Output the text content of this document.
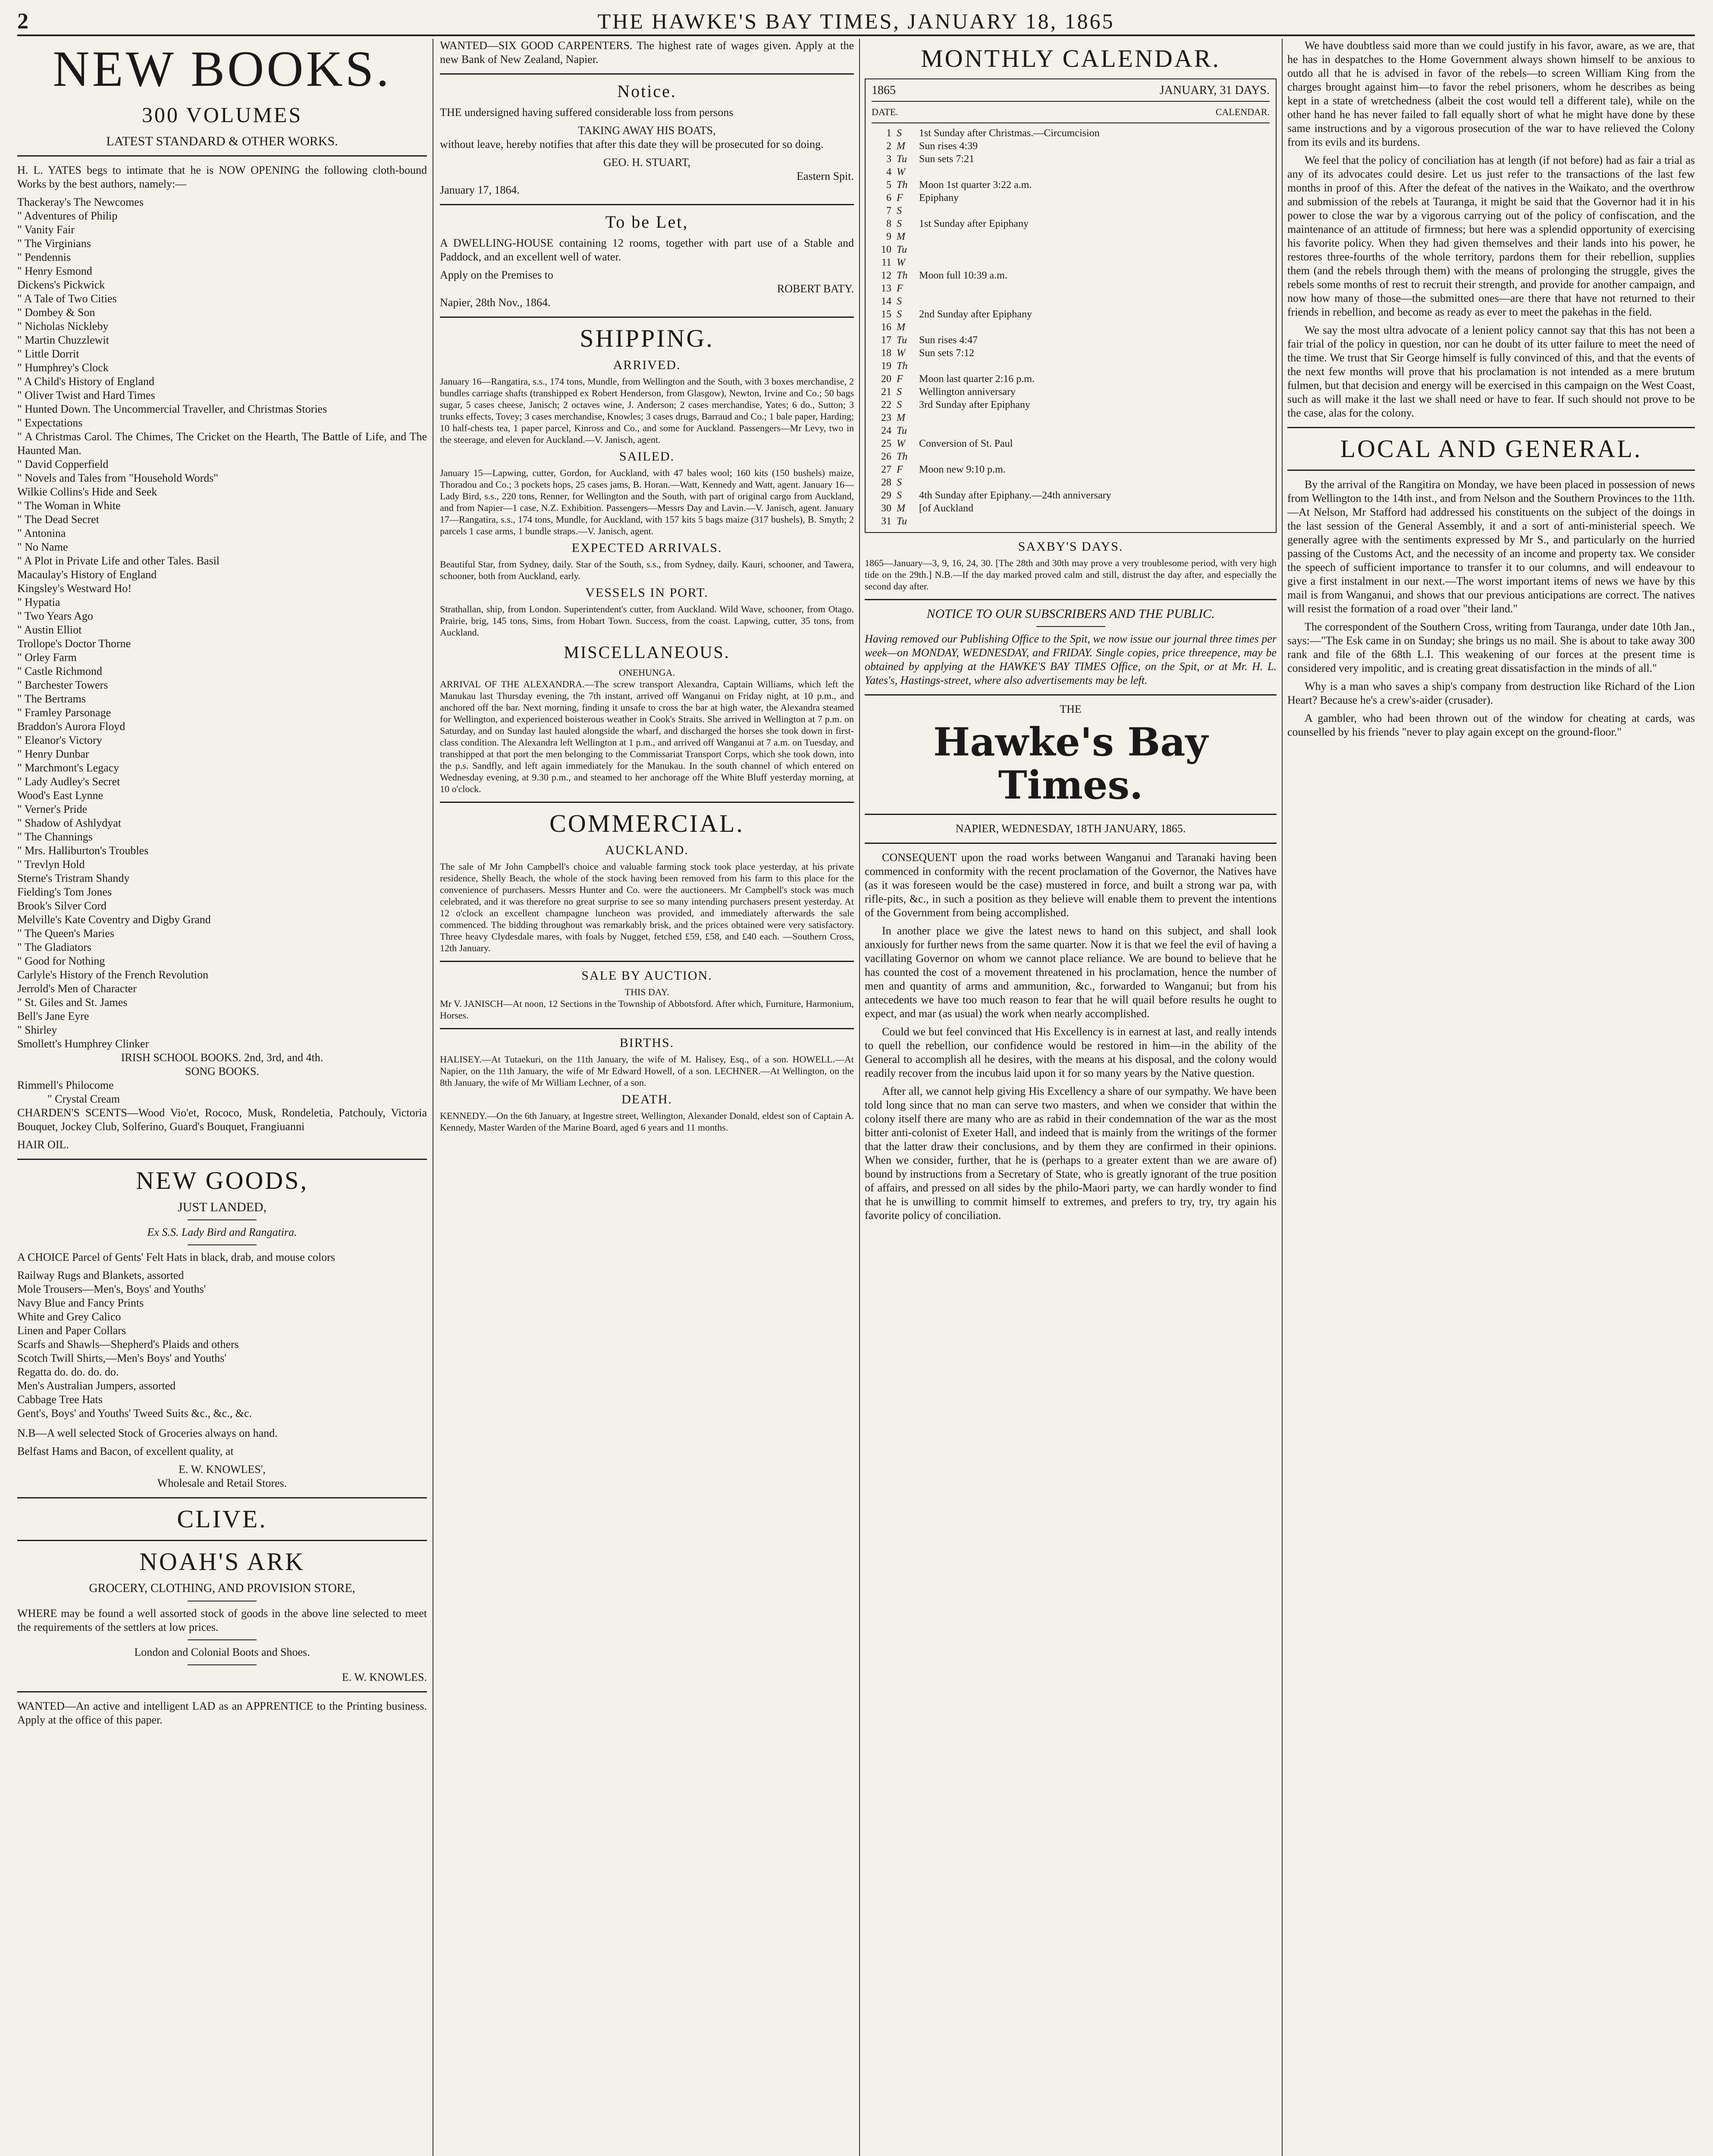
2	THE HAWKE'S BAY TIMES, JANUARY 18, 1865
NEW BOOKS.
300 VOLUMES
LATEST STANDARD & OTHER WORKS.

H. L. YATES begs to intimate that he is NOW OPENING the following cloth-bound Works by the best authors, namely:—

Thackeray's The Newcomes
" Adventures of Philip
" Vanity Fair
" The Virginians
" Pendennis
" Henry Esmond
Dickens's Pickwick
" A Tale of Two Cities
" Dombey & Son
" Nicholas Nickleby
" Martin Chuzzlewit
" Little Dorrit
" Humphrey's Clock
" A Child's History of England
" Oliver Twist and Hard Times
" Hunted Down. The Uncommercial Traveller, and Christmas Stories
" Expectations
" A Christmas Carol. The Chimes, The Cricket on the Hearth, The Battle of Life, and The Haunted Man.
" David Copperfield
" Novels and Tales from "Household Words"
Wilkie Collins's Hide and Seek
" The Woman in White
" The Dead Secret
" Antonina
" No Name
" A Plot in Private Life and other Tales. Basil
Macaulay's History of England
Kingsley's Westward Ho!
" Hypatia
" Two Years Ago
" Austin Elliot
Trollope's Doctor Thorne
" Orley Farm
" Castle Richmond
" Barchester Towers
" The Bertrams
" Framley Parsonage
Braddon's Aurora Floyd
" Eleanor's Victory
" Henry Dunbar
" Marchmont's Legacy
" Lady Audley's Secret
Wood's East Lynne
" Verner's Pride
" Shadow of Ashlydyat
" The Channings
" Mrs. Halliburton's Troubles
" Trevlyn Hold
Sterne's Tristram Shandy
Fielding's Tom Jones
Brook's Silver Cord
Melville's Kate Coventry and Digby Grand
" The Queen's Maries
" The Gladiators
" Good for Nothing
Carlyle's History of the French Revolution
Jerrold's Men of Character
" St. Giles and St. James
Bell's Jane Eyre
" Shirley
Smollett's Humphrey Clinker
IRISH SCHOOL BOOKS. 2nd, 3rd, and 4th.
SONG BOOKS.
Rimmell's Philocome
" Crystal Cream

CHARDEN'S SCENTS—Wood Vio'et, Rococo, Musk, Rondeletia, Patchouly, Victoria Bouquet, Jockey Club, Solferino, Guard's Bouquet, Frangiuanni

HAIR OIL.
NEW GOODS,
JUST LANDED,
Ex S.S. Lady Bird and Rangatira.

A CHOICE Parcel of Gents' Felt Hats in black, drab, and mouse colors

Railway Rugs and Blankets, assorted
Mole Trousers—Men's, Boys' and Youths'
Navy Blue and Fancy Prints
White and Grey Calico
Linen and Paper Collars
Scarfs and Shawls—Shepherd's Plaids and others
Scotch Twill Shirts,—Men's Boys' and Youths'
Regatta do. do. do. do.
Men's Australian Jumpers, assorted
Cabbage Tree Hats
Gent's, Boys' and Youths' Tweed Suits &c., &c., &c.

N.B—A well selected Stock of Groceries always on hand.

Belfast Hams and Bacon, of excellent quality, at

E. W. KNOWLES',
Wholesale and Retail Stores.
CLIVE.
NOAH'S ARK
GROCERY, CLOTHING, AND PROVISION STORE,

WHERE may be found a well assorted stock of goods in the above line selected to meet the requirements of the settlers at low prices.

London and Colonial Boots and Shoes.
E. W. KNOWLES.

WANTED—An active and intelligent LAD as an APPRENTICE to the Printing business. Apply at the office of this paper.

WANTED—SIX GOOD CARPENTERS. The highest rate of wages given. Apply at the new Bank of New Zealand, Napier.

Notice.

THE undersigned having suffered considerable loss from persons

TAKING AWAY HIS BOATS,

without leave, hereby notifies that after this date they will be prosecuted for so doing.

GEO. H. STUART,
Eastern Spit.
January 17, 1864.
To be Let,

A DWELLING-HOUSE containing 12 rooms, together with part use of a Stable and Paddock, and an excellent well of water.

Apply on the Premises to
ROBERT BATY.
Napier, 28th Nov., 1864.
SHIPPING.
ARRIVED.

January 16—Rangatira, s.s., 174 tons, Mundle, from Wellington and the South, with 3 boxes merchandise, 2 bundles carriage shafts (transhipped ex Robert Henderson, from Glasgow), Newton, Irvine and Co.; 50 bags sugar, 5 cases cheese, Janisch; 2 octaves wine, J. Anderson; 2 cases merchandise, Yates; 6 do., Sutton; 3 trunks effects, Tovey; 3 cases merchandise, Knowles; 3 cases drugs, Barraud and Co.; 1 bale paper, Harding; 10 half-chests tea, 1 paper parcel, Kinross and Co., and some for Auckland. Passengers—Mr Levy, two in the steerage, and eleven for Auckland.—V. Janisch, agent.

SAILED.

January 15—Lapwing, cutter, Gordon, for Auckland, with 47 bales wool; 160 kits (150 bushels) maize, Thoradou and Co.; 3 pockets hops, 25 cases jams, B. Horan.—Watt, Kennedy and Watt, agent. January 16—Lady Bird, s.s., 220 tons, Renner, for Wellington and the South, with part of original cargo from Auckland, and from Napier—1 case, N.Z. Exhibition. Passengers—Messrs Day and Lavin.—V. Janisch, agent. January 17—Rangatira, s.s., 174 tons, Mundle, for Auckland, with 157 kits 5 bags maize (317 bushels), B. Smyth; 2 parcels 1 case arms, 1 bundle straps.—V. Janisch, agent.

EXPECTED ARRIVALS.

Beautiful Star, from Sydney, daily. Star of the South, s.s., from Sydney, daily. Kauri, schooner, and Tawera, schooner, both from Auckland, early.

VESSELS IN PORT.

Strathallan, ship, from London. Superintendent's cutter, from Auckland. Wild Wave, schooner, from Otago. Prairie, brig, 145 tons, Sims, from Hobart Town. Success, from the coast. Lapwing, cutter, 35 tons, from Auckland.

MISCELLANEOUS.
ONEHUNGA.

ARRIVAL OF THE ALEXANDRA.—The screw transport Alexandra, Captain Williams, which left the Manukau last Thursday evening, the 7th instant, arrived off Wanganui on Friday night, at 10 p.m., and anchored off the bar. Next morning, finding it unsafe to cross the bar at high water, the Alexandra steamed for Wellington, and experienced boisterous weather in Cook's Straits. She arrived in Wellington at 7 p.m. on Saturday, and on Sunday last hauled alongside the wharf, and discharged the horses she took down in first-class condition. The Alexandra left Wellington at 1 p.m., and arrived off Wanganui at 7 a.m. on Tuesday, and transhipped at that port the men belonging to the Commissariat Transport Corps, which she took down, into the p.s. Sandfly, and left again immediately for the Manukau. In the south channel of which entered on Wednesday evening, at 9.30 p.m., and steamed to her anchorage off the White Bluff yesterday morning, at 10 o'clock.

COMMERCIAL.
AUCKLAND.

The sale of Mr John Campbell's choice and valuable farming stock took place yesterday, at his private residence, Shelly Beach, the whole of the stock having been removed from his farm to this place for the convenience of purchasers. Messrs Hunter and Co. were the auctioneers. Mr Campbell's stock was much celebrated, and it was therefore no great surprise to see so many intending purchasers present yesterday. At 12 o'clock an excellent champagne luncheon was provided, and immediately afterwards the sale commenced. The bidding throughout was remarkably brisk, and the prices obtained were very satisfactory. Three heavy Clydesdale mares, with foals by Nugget, fetched £59, £58, and £40 each. —Southern Cross, 12th January.

SALE BY AUCTION.
THIS DAY.

Mr V. JANISCH—At noon, 12 Sections in the Township of Abbotsford. After which, Furniture, Harmonium, Horses.

BIRTHS.

HALISEY.—At Tutaekuri, on the 11th January, the wife of M. Halisey, Esq., of a son. HOWELL.—At Napier, on the 11th January, the wife of Mr Edward Howell, of a son. LECHNER.—At Wellington, on the 8th January, the wife of Mr William Lechner, of a son.

DEATH.

KENNEDY.—On the 6th January, at Ingestre street, Wellington, Alexander Donald, eldest son of Captain A. Kennedy, Master Warden of the Marine Board, aged 6 years and 11 months.

MONTHLY CALENDAR.
1865	JANUARY, 31 DAYS.
DATE.	CALENDAR.
1	S	1st Sunday after Christmas.—Circumcision
2	M	Sun rises 4:39
3	Tu	Sun sets 7:21
4	W	
5	Th	Moon 1st quarter 3:22 a.m.
6	F	Epiphany
7	S	
8	S	1st Sunday after Epiphany
9	M	
10	Tu	
11	W	
12	Th	Moon full 10:39 a.m.
13	F	
14	S	
15	S	2nd Sunday after Epiphany
16	M	
17	Tu	Sun rises 4:47
18	W	Sun sets 7:12
19	Th	
20	F	Moon last quarter 2:16 p.m.
21	S	Wellington anniversary
22	S	3rd Sunday after Epiphany
23	M	
24	Tu	
25	W	Conversion of St. Paul
26	Th	
27	F	Moon new 9:10 p.m.
28	S	
29	S	4th Sunday after Epiphany.—24th anniversary
30	M	[of Auckland
31	Tu	
SAXBY'S DAYS.

1865—January—3, 9, 16, 24, 30. [The 28th and 30th may prove a very troublesome period, with very high tide on the 29th.] N.B.—If the day marked proved calm and still, distrust the day after, and especially the second day after.

NOTICE TO OUR SUBSCRIBERS AND THE PUBLIC.

Having removed our Publishing Office to the Spit, we now issue our journal three times per week—on MONDAY, WEDNESDAY, and FRIDAY. Single copies, price threepence, may be obtained by applying at the HAWKE'S BAY TIMES Office, on the Spit, or at Mr. H. L. Yates's, Hastings-street, where also advertisements may be left.

THE
Hawke's Bay Times.
NAPIER, WEDNESDAY, 18TH JANUARY, 1865.

CONSEQUENT upon the road works between Wanganui and Taranaki having been commenced in conformity with the recent proclamation of the Governor, the Natives have (as it was foreseen would be the case) mustered in force, and built a strong war pa, with rifle-pits, &c., in such a position as they believe will enable them to prevent the intentions of the Government from being accomplished.

In another place we give the latest news to hand on this subject, and shall look anxiously for further news from the same quarter. Now it is that we feel the evil of having a vacillating Governor on whom we cannot place reliance. We are bound to believe that he has counted the cost of a movement threatened in his proclamation, hence the number of men and quantity of arms and ammunition, &c., forwarded to Wanganui; but from his antecedents we have too much reason to fear that he will quail before results he ought to expect, and mar (as usual) the work when nearly accomplished.

Could we but feel convinced that His Excellency is in earnest at last, and really intends to quell the rebellion, our confidence would be restored in him—in the ability of the General to accomplish all he desires, with the means at his disposal, and the colony would readily recover from the incubus laid upon it for so many years by the Native question.

After all, we cannot help giving His Excellency a share of our sympathy. We have been told long since that no man can serve two masters, and when we consider that within the colony itself there are many who are as rabid in their condemnation of the war as the most bitter anti-colonist of Exeter Hall, and indeed that is mainly from the writings of the former that the latter draw their conclusions, and by them they are confirmed in their opinions. When we consider, further, that he is (perhaps to a greater extent than we are aware of) bound by instructions from a Secretary of State, who is greatly ignorant of the true position of affairs, and pressed on all sides by the philo-Maori party, we can hardly wonder to find that he is unwilling to commit himself to extremes, and prefers to try, try, try again his favorite policy of conciliation.

We have doubtless said more than we could justify in his favor, aware, as we are, that he has in despatches to the Home Government always shown himself to be anxious to outdo all that he is advised in favor of the rebels—to screen William King from the charges brought against him—to favor the rebel prisoners, whom he describes as being kept in a state of wretchedness (albeit the cost would tell a different tale), while on the other hand he has never failed to fall equally short of what he might have done by these same instructions and by a vigorous prosecution of the war to have relieved the Colony from its evils and its burdens.

We feel that the policy of conciliation has at length (if not before) had as fair a trial as any of its advocates could desire. Let us just refer to the transactions of the last few months in proof of this. After the defeat of the natives in the Waikato, and the overthrow and submission of the rebels at Tauranga, it might be said that the Governor had it in his power to close the war by a vigorous carrying out of the policy of confiscation, and the maintenance of an attitude of firmness; but here was a splendid opportunity of exercising his favorite policy. When they had given themselves and their lands into his power, he restores three-fourths of the whole territory, pardons them for their rebellion, supplies them (and the rebels through them) with the means of prolonging the struggle, gives the rebels some months of rest to recruit their strength, and provide for another campaign, and now how many of those—the submitted ones—are there that have not returned to their friends in rebellion, and become as ready as ever to meet the pakehas in the field.

We say the most ultra advocate of a lenient policy cannot say that this has not been a fair trial of the policy in question, nor can he doubt of its utter failure to meet the need of the time. We trust that Sir George himself is fully convinced of this, and that the events of the next few months will prove that his proclamation is not intended as a mere brutum fulmen, but that decision and energy will be exercised in this campaign on the West Coast, such as will make it the last we shall need or have to fear. If such should not prove to be the case, alas for the colony.

LOCAL AND GENERAL.

By the arrival of the Rangitira on Monday, we have been placed in possession of news from Wellington to the 14th inst., and from Nelson and the Southern Provinces to the 11th.—At Nelson, Mr Stafford had addressed his constituents on the subject of the doings in the last session of the General Assembly, it and a sort of anti-ministerial speech. We generally agree with the sentiments expressed by Mr S., and particularly on the hurried passing of the Customs Act, and the necessity of an income and property tax. We consider the speech of sufficient importance to transfer it to our columns, and will endeavour to give a first instalment in our next.—The worst important items of news we have by this mail is from Wanganui, and shows that our previous anticipations are correct. The natives will resist the formation of a road over "their land."

The correspondent of the Southern Cross, writing from Tauranga, under date 10th Jan., says:—"The Esk came in on Sunday; she brings us no mail. She is about to take away 300 rank and file of the 68th L.I. This weakening of our forces at the present time is considered very impolitic, and is creating great dissatisfaction in the minds of all."

Why is a man who saves a ship's company from destruction like Richard of the Lion Heart? Because he's a crew's-aider (crusader).

A gambler, who had been thrown out of the window for cheating at cards, was counselled by his friends "never to play again except on the ground-floor."
